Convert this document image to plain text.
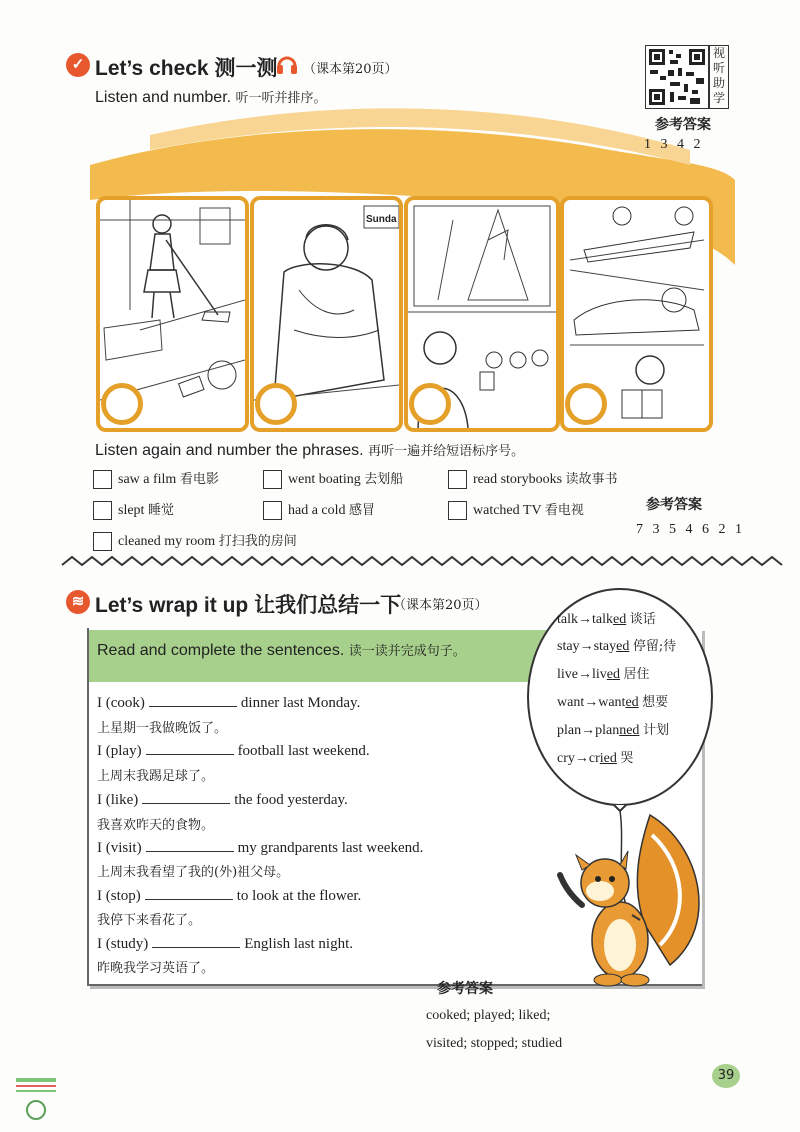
✓ Let’s check 测一测 （课本第20页）
Listen and number. 听一听并排序。
视听助学
参考答案
1 3 4 2
Sunda
Listen again and number the phrases. 再听一遍并给短语标序号。
saw a film 看电影	went boating 去划船	read storybooks 读故事书
slept 睡觉	had a cold 感冒	watched TV 看电视
cleaned my room 打扫我的房间
参考答案
7 3 5 4 6 2 1
≋ Let’s wrap it up 让我们总结一下
（课本第20页）
Read and complete the sentences. 读一读并完成句子。
I (cook)	dinner last Monday.
上星期一我做晚饭了。
I (play)	football last weekend.
上周末我踢足球了。
I (like)	the food yesterday.
我喜欢昨天的食物。
I (visit)	my grandparents last weekend.
上周末我看望了我的(外)祖父母。
I (stop)	to look at the flower.
我停下来看花了。
I (study)	English last night.
昨晚我学习英语了。
talk→talked 谈话
stay→stayed 停留;待
live→lived 居住
want→wanted 想要
plan→planned 计划
cry→cried 哭
参考答案
cooked; played; liked;
visited; stopped; studied
39
